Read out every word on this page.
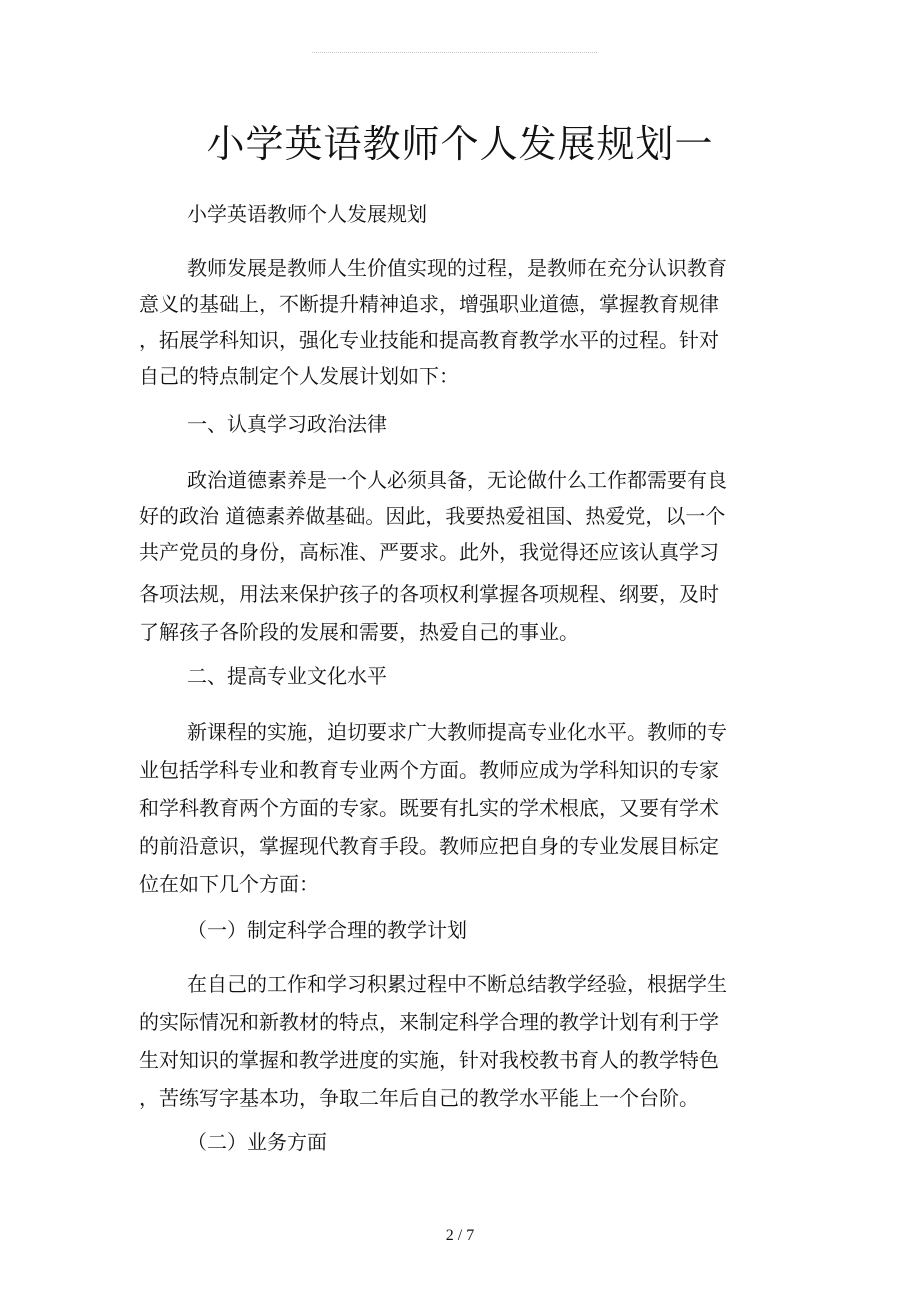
小学英语教师个人发展规划一

小学英语教师个人发展规划

教师发展是教师人生价值实现的过程，是教师在充分认识教育

意义的基础上，不断提升精神追求，增强职业道德，掌握教育规律

，拓展学科知识，强化专业技能和提高教育教学水平的过程。针对

自己的特点制定个人发展计划如下：

一、认真学习政治法律

政治道德素养是一个人必须具备，无论做什么工作都需要有良

好的政治 道德素养做基础。因此，我要热爱祖国、热爱党，以一个

共产党员的身份，高标准、严要求。此外，我觉得还应该认真学习

各项法规，用法来保护孩子的各项权利掌握各项规程、纲要，及时

了解孩子各阶段的发展和需要，热爱自己的事业。

二、提高专业文化水平

新课程的实施，迫切要求广大教师提高专业化水平。教师的专

业包括学科专业和教育专业两个方面。教师应成为学科知识的专家

和学科教育两个方面的专家。既要有扎实的学术根底，又要有学术

的前沿意识，掌握现代教育手段。教师应把自身的专业发展目标定

位在如下几个方面：

（一）制定科学合理的教学计划

在自己的工作和学习积累过程中不断总结教学经验，根据学生

的实际情况和新教材的特点，来制定科学合理的教学计划有利于学

生对知识的掌握和教学进度的实施，针对我校教书育人的教学特色

，苦练写字基本功，争取二年后自己的教学水平能上一个台阶。

（二）业务方面

2 / 7
